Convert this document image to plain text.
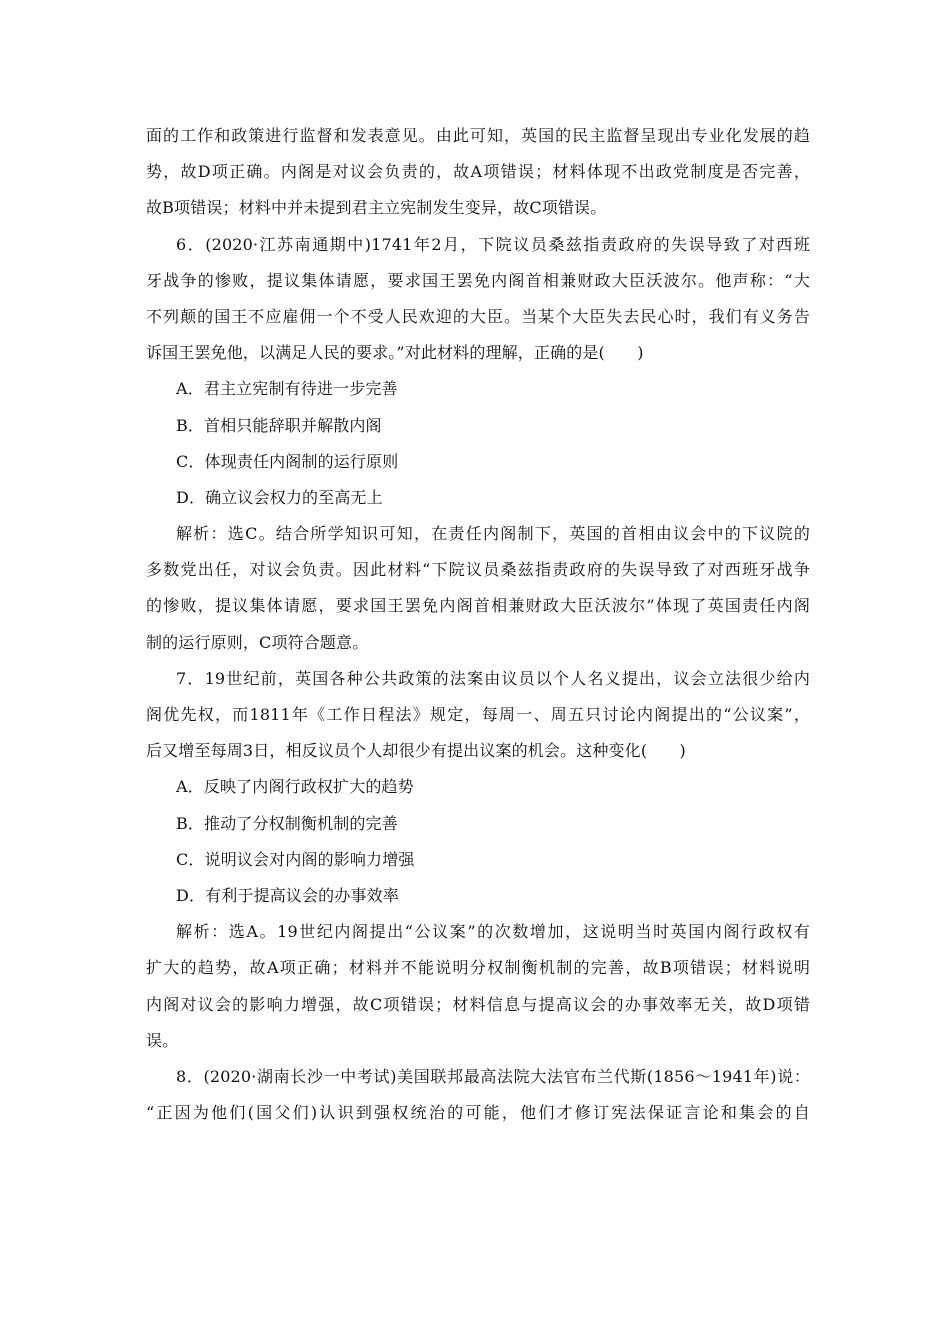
面的工作和政策进行监督和发表意见。由此可知，英国的民主监督呈现出专业化发展的趋
势，故D项正确。内阁是对议会负责的，故A项错误；材料体现不出政党制度是否完善，
故B项错误；材料中并未提到君主立宪制发生变异，故C项错误。
6．(2020·江苏南通期中)1741年2月，下院议员桑兹指责政府的失误导致了对西班
牙战争的惨败，提议集体请愿，要求国王罢免内阁首相兼财政大臣沃波尔。他声称：“大
不列颠的国王不应雇佣一个不受人民欢迎的大臣。当某个大臣失去民心时，我们有义务告
诉国王罢免他，以满足人民的要求。”对此材料的理解，正确的是(　　)
A．君主立宪制有待进一步完善
B．首相只能辞职并解散内阁
C．体现责任内阁制的运行原则
D．确立议会权力的至高无上
解析：选C。结合所学知识可知，在责任内阁制下，英国的首相由议会中的下议院的
多数党出任，对议会负责。因此材料“下院议员桑兹指责政府的失误导致了对西班牙战争
的惨败，提议集体请愿，要求国王罢免内阁首相兼财政大臣沃波尔”体现了英国责任内阁
制的运行原则，C项符合题意。
7．19世纪前，英国各种公共政策的法案由议员以个人名义提出，议会立法很少给内
阁优先权，而1811年《工作日程法》规定，每周一、周五只讨论内阁提出的“公议案”，
后又增至每周3日，相反议员个人却很少有提出议案的机会。这种变化(　　)
A．反映了内阁行政权扩大的趋势
B．推动了分权制衡机制的完善
C．说明议会对内阁的影响力增强
D．有利于提高议会的办事效率
解析：选A。19世纪内阁提出“公议案”的次数增加，这说明当时英国内阁行政权有
扩大的趋势，故A项正确；材料并不能说明分权制衡机制的完善，故B项错误；材料说明
内阁对议会的影响力增强，故C项错误；材料信息与提高议会的办事效率无关，故D项错
误。
8．(2020·湖南长沙一中考试)美国联邦最高法院大法官布兰代斯(1856～1941年)说：
“正因为他们(国父们)认识到强权统治的可能，他们才修订宪法保证言论和集会的自
